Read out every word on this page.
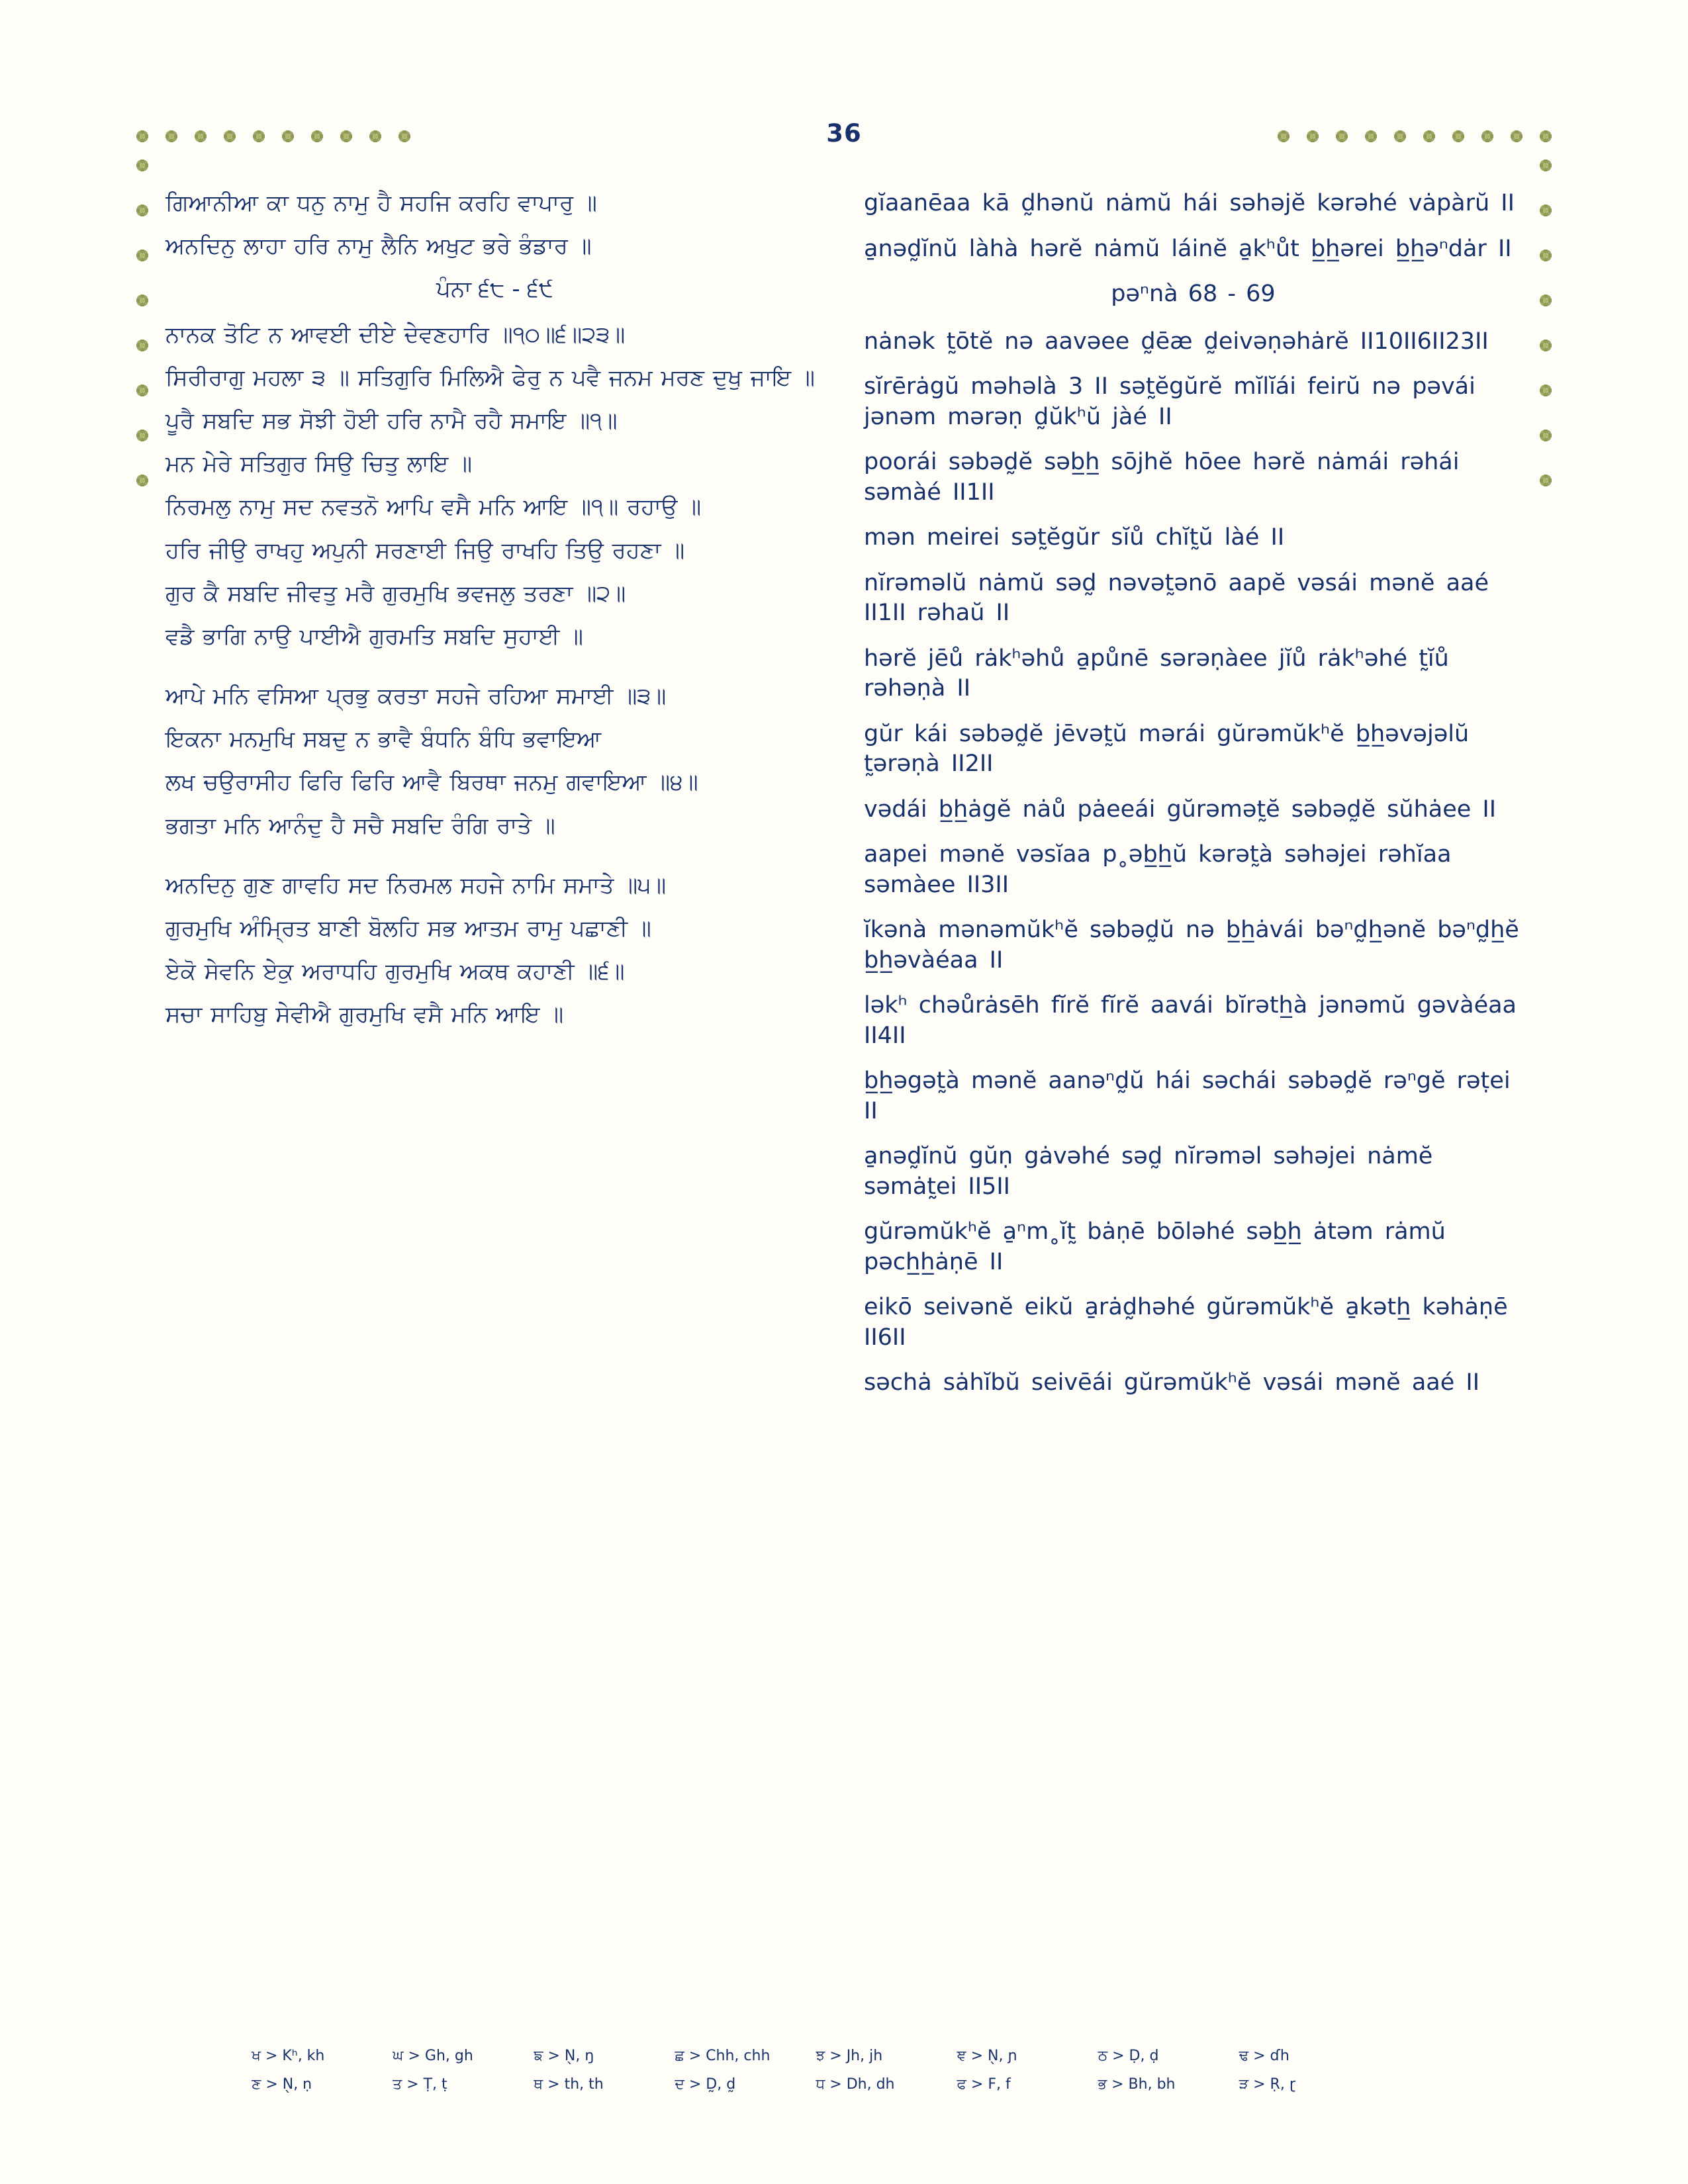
36

ਗਿਆਨੀਆ ਕਾ ਧਨੁ ਨਾਮੁ ਹੈ ਸਹਜਿ ਕਰਹਿ ਵਾਪਾਰੁ ॥

ਅਨਦਿਨੁ ਲਾਹਾ ਹਰਿ ਨਾਮੁ ਲੈਨਿ ਅਖੁਟ ਭਰੇ ਭੰਡਾਰ ॥

ਪੰਨਾ ੬੮ - ੬੯

ਨਾਨਕ ਤੋਟਿ ਨ ਆਵਈ ਦੀਏ ਦੇਵਣਹਾਰਿ ॥੧੦॥੬॥੨੩॥

ਸਿਰੀਰਾਗੁ ਮਹਲਾ ੩ ॥ ਸਤਿਗੁਰਿ ਮਿਲਿਐ ਫੇਰੁ ਨ ਪਵੈ ਜਨਮ ਮਰਣ ਦੁਖੁ ਜਾਇ ॥

ਪੂਰੈ ਸਬਦਿ ਸਭ ਸੋਝੀ ਹੋਈ ਹਰਿ ਨਾਮੈ ਰਹੈ ਸਮਾਇ ॥੧॥

ਮਨ ਮੇਰੇ ਸਤਿਗੁਰ ਸਿਉ ਚਿਤੁ ਲਾਇ ॥

ਨਿਰਮਲੁ ਨਾਮੁ ਸਦ ਨਵਤਨੋ ਆਪਿ ਵਸੈ ਮਨਿ ਆਇ ॥੧॥ ਰਹਾਉ ॥

ਹਰਿ ਜੀਉ ਰਾਖਹੁ ਅਪੁਨੀ ਸਰਣਾਈ ਜਿਉ ਰਾਖਹਿ ਤਿਉ ਰਹਣਾ ॥

ਗੁਰ ਕੈ ਸਬਦਿ ਜੀਵਤੁ ਮਰੈ ਗੁਰਮੁਖਿ ਭਵਜਲੁ ਤਰਣਾ ॥੨॥

ਵਡੈ ਭਾਗਿ ਨਾਉ ਪਾਈਐ ਗੁਰਮਤਿ ਸਬਦਿ ਸੁਹਾਈ ॥

ਆਪੇ ਮਨਿ ਵਸਿਆ ਪ੍ਰਭੁ ਕਰਤਾ ਸਹਜੇ ਰਹਿਆ ਸਮਾਈ ॥੩॥

ਇਕਨਾ ਮਨਮੁਖਿ ਸਬਦੁ ਨ ਭਾਵੈ ਬੰਧਨਿ ਬੰਧਿ ਭਵਾਇਆ

ਲਖ ਚਉਰਾਸੀਹ ਫਿਰਿ ਫਿਰਿ ਆਵੈ ਬਿਰਥਾ ਜਨਮੁ ਗਵਾਇਆ ॥੪॥

ਭਗਤਾ ਮਨਿ ਆਨੰਦੁ ਹੈ ਸਚੈ ਸਬਦਿ ਰੰਗਿ ਰਾਤੇ ॥

ਅਨਦਿਨੁ ਗੁਣ ਗਾਵਹਿ ਸਦ ਨਿਰਮਲ ਸਹਜੇ ਨਾਮਿ ਸਮਾਤੇ ॥੫॥

ਗੁਰਮੁਖਿ ਅੰਮ੍ਰਿਤ ਬਾਣੀ ਬੋਲਹਿ ਸਭ ਆਤਮ ਰਾਮੁ ਪਛਾਣੀ ॥

ਏਕੋ ਸੇਵਨਿ ਏਕੁ ਅਰਾਧਹਿ ਗੁਰਮੁਖਿ ਅਕਥ ਕਹਾਣੀ ॥੬॥

ਸਚਾ ਸਾਹਿਬੁ ਸੇਵੀਐ ਗੁਰਮੁਖਿ ਵਸੈ ਮਨਿ ਆਇ ॥

gĭaanēaa kā d̰hənŭ nȧmŭ hái səhəjĕ kərəhé vȧpàrŭ II

a̱nəd̰ĭnŭ làhà hərĕ nȧmŭ láinĕ a̱kʰůt b̲h̲ərei b̲h̲əⁿdȧr II

pəⁿnà 68 - 69

nȧnək t̰ōtĕ nə aavəee d̰ēæ d̰eivəṇəhȧrĕ II10II6II23II

sĭrērȧgŭ məhəlà 3 II sət̰ĕgŭrĕ mĭlĭái feirŭ nə pəvái jənəm mərəṇ d̰ŭkʰŭ jàé II

poorái səbəd̰ĕ səb̲h̲ sōjhĕ hōee hərĕ nȧmái rəhái səmàé II1II

mən meirei sət̰ĕgŭr sĭů chĭt̰ŭ làé II

nĭrəməlŭ nȧmŭ səd̰ nəvət̰ənō aapĕ vəsái mənĕ aaé II1II rəhaŭ II

hərĕ jēů rȧkʰəhů a̱půnē sərəṇàee jĭů rȧkʰəhé t̰ĭů rəhəṇà II

gŭr kái səbəd̰ĕ jēvət̰ŭ mərái gŭrəmŭkʰĕ b̲h̲əvəjəlŭ t̰ərəṇà II2II

vədái b̲h̲ȧgĕ nȧů pȧeeái gŭrəmət̰ĕ səbəd̰ĕ sŭhȧee II

aapei mənĕ vəsĭaa p˳əb̲h̲ŭ kərət̰à səhəjei rəhĭaa səmàee II3II

ĭkənà mənəmŭkʰĕ səbəd̰ŭ nə b̲h̲ȧvái bəⁿd̰h̲ənĕ bəⁿd̰h̲ĕ b̲h̲əvàéaa II

ləkʰ chəůrȧsēh fĭrĕ fĭrĕ aavái bĭrəth̲à jənəmŭ gəvàéaa II4II

b̲h̲əgət̰à mənĕ aanəⁿd̰ŭ hái səchái səbəd̰ĕ rəⁿgĕ rəṭei II

a̱nəd̰ĭnŭ gŭṇ gȧvəhé səd̰ nĭrəməl səhəjei nȧmĕ səmȧt̰ei II5II

gŭrəmŭkʰĕ a̱ⁿm˳ĭt̰ bȧṇē bōləhé səb̲h̲ ȧtəm rȧmŭ pəch̲h̲ȧṇē II

eikō seivənĕ eikŭ a̱rȧd̰həhé gŭrəmŭkʰĕ a̱kəth̲ kəhȧṇē II6II

səchȧ sȧhĭbŭ seivēái gŭrəmŭkʰĕ vəsái mənĕ aaé II

ਖ > Kʰ, kh	ਘ > Gh, gh	ਙ > N̖, ŋ	ਛ > Chh, chh	ਝ > Jh, jh	ਞ > N̖, ɲ	ਠ > Ḍ, ḍ	ਢ > ɗh
ਣ > N̖, ṇ	ਤ > Ṭ, ṭ	ਥ > th, th	ਦ > D̰, d̰	ਧ > Dh, dh	ਫ > F, f	ਭ > Bh, bh	ੜ > Ṛ, ɽ
